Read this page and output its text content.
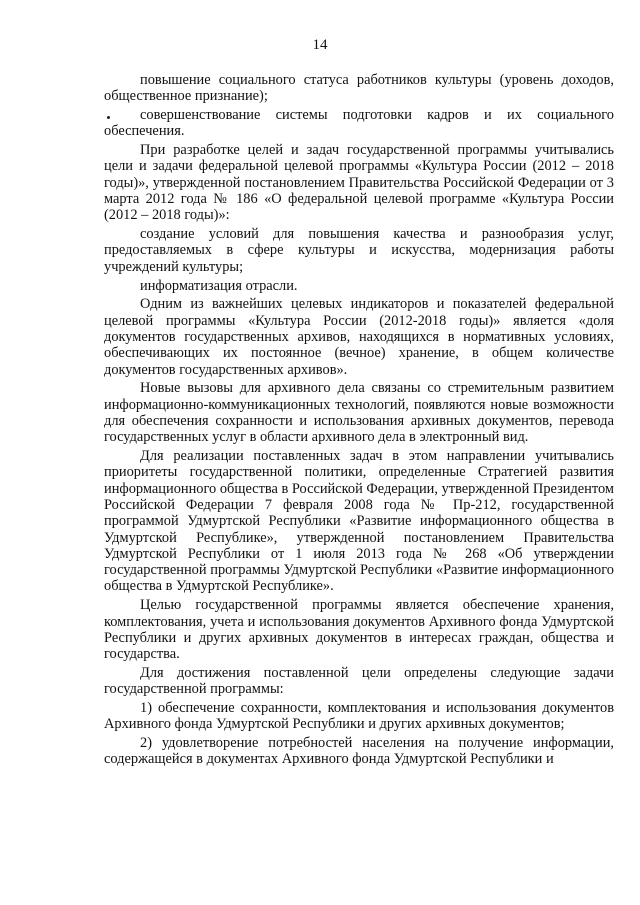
14

повышение социального статуса работников культуры (уровень доходов, общественное признание);

совершенствование системы подготовки кадров и их социального обеспечения.

При разработке целей и задач государственной программы учитывались цели и задачи федеральной целевой программы «Культура России (2012 – 2018 годы)», утвержденной постановлением Правительства Российской Федерации от 3 марта 2012 года № 186 «О федеральной целевой программе «Культура России (2012 – 2018 годы)»:

создание условий для повышения качества и разнообразия услуг, предоставляемых в сфере культуры и искусства, модернизация работы учреждений культуры;

информатизация отрасли.

Одним из важнейших целевых индикаторов и показателей федеральной целевой программы «Культура России (2012-2018 годы)» является «доля документов государственных архивов, находящихся в нормативных условиях, обеспечивающих их постоянное (вечное) хранение, в общем количестве документов государственных архивов».

Новые вызовы для архивного дела связаны со стремительным развитием информационно-коммуникационных технологий, появляются новые возможности для обеспечения сохранности и использования архивных документов, перевода государственных услуг в области архивного дела в электронный вид.

Для реализации поставленных задач в этом направлении учитывались приоритеты государственной политики, определенные Стратегией развития информационного общества в Российской Федерации, утвержденной Президентом Российской Федерации 7 февраля 2008 года № Пр-212, государственной программой Удмуртской Республики «Развитие информационного общества в Удмуртской Республике», утвержденной постановлением Правительства Удмуртской Республики от 1 июля 2013 года № 268 «Об утверждении государственной программы Удмуртской Республики «Развитие информационного общества в Удмуртской Республике».

Целью государственной программы является обеспечение хранения, комплектования, учета и использования документов Архивного фонда Удмуртской Республики и других архивных документов в интересах граждан, общества и государства.

Для достижения поставленной цели определены следующие задачи государственной программы:

1) обеспечение сохранности, комплектования и использования документов Архивного фонда Удмуртской Республики и других архивных документов;

2) удовлетворение потребностей населения на получение информации, содержащейся в документах Архивного фонда Удмуртской Республики и
